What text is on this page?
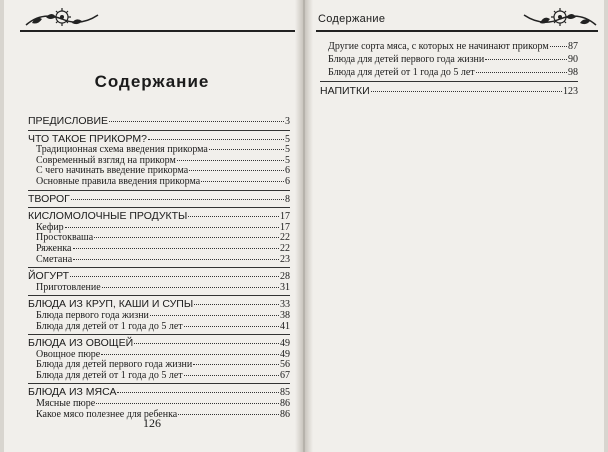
Содержание
ПРЕДИСЛОВИЕ	3
ЧТО ТАКОЕ ПРИКОРМ?	5
Традиционная схема введения прикорма	5
Современный взгляд на прикорм	5
С чего начинать введение прикорма	6
Основные правила введения прикорма	6
ТВОРОГ	8
КИСЛОМОЛОЧНЫЕ ПРОДУКТЫ	17
Кефир	17
Простокваша	22
Ряженка	22
Сметана	23
ЙОГУРТ	28
Приготовление	31
БЛЮДА ИЗ КРУП, КАШИ И СУПЫ	33
Блюда первого года жизни	38
Блюда для детей от 1 года до 5 лет	41
БЛЮДА ИЗ ОВОЩЕЙ	49
Овощное пюре	49
Блюда для детей первого года жизни	56
Блюда для детей от 1 года до 5 лет	67
БЛЮДА ИЗ МЯСА	85
Мясные пюре	86
Какое мясо полезнее для ребенка	86
126
Содержание
Другие сорта мяса, с которых не начинают прикорм 87
Блюда для детей первого года жизни	90
Блюда для детей от 1 года до 5 лет	98
НАПИТКИ	123
